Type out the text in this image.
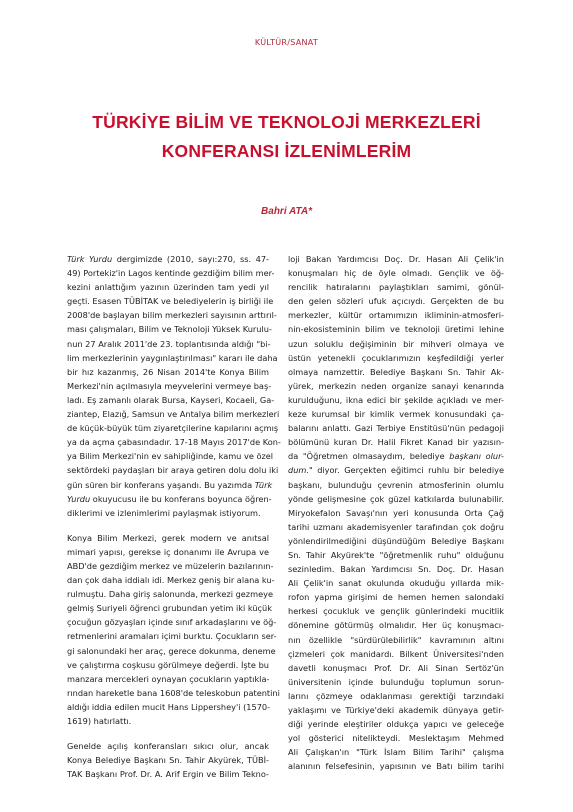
KÜLTÜR/SANAT
TÜRKİYE BİLİM VE TEKNOLOJİ MERKEZLERİ
KONFERANSI İZLENİMLERİM
Bahri ATA*

Türk Yurdu dergimizde (2010, sayı:270, ss. 47-
49) Portekiz'in Lagos kentinde gezdiğim bilim mer-
kezini anlattığım yazının üzerinden tam yedi yıl
geçti. Esasen TÜBİTAK ve belediyelerin iş birliği ile
2008'de başlayan bilim merkezleri sayısının arttırıl-
ması çalışmaları, Bilim ve Teknoloji Yüksek Kurulu-
nun 27 Aralık 2011'de 23. toplantısında aldığı "bi-
lim merkezlerinin yaygınlaştırılması" kararı ile daha
bir hız kazanmış, 26 Nisan 2014'te Konya Bilim
Merkezi'nin açılmasıyla meyvelerini vermeye baş-
ladı. Eş zamanlı olarak Bursa, Kayseri, Kocaeli, Ga-
ziantep, Elazığ, Samsun ve Antalya bilim merkezleri
de küçük-büyük tüm ziyaretçilerine kapılarını açmış
ya da açma çabasındadır. 17-18 Mayıs 2017'de Kon-
ya Bilim Merkezi'nin ev sahipliğinde, kamu ve özel
sektördeki paydaşları bir araya getiren dolu dolu iki
gün süren bir konferans yaşandı. Bu yazımda Türk
Yurdu okuyucusu ile bu konferans boyunca öğren-
diklerimi ve izlenimlerimi paylaşmak istiyorum.

Konya Bilim Merkezi, gerek modern ve anıtsal
mimari yapısı, gerekse iç donanımı ile Avrupa ve
ABD'de gezdiğim merkez ve müzelerin bazılarının-
dan çok daha iddialı idi. Merkez geniş bir alana ku-
rulmuştu. Daha giriş salonunda, merkezi gezmeye
gelmiş Suriyeli öğrenci grubundan yetim iki küçük
çocuğun gözyaşları içinde sınıf arkadaşlarını ve öğ-
retmenlerini aramaları içimi burktu. Çocukların ser-
gi salonundaki her araç, gerece dokunma, deneme
ve çalıştırma coşkusu görülmeye değerdi. İşte bu
manzara mercekleri oynayan çocukların yaptıkla-
rından hareketle bana 1608'de teleskobun patentini
aldığı iddia edilen mucit Hans Lippershey'i (1570-
1619) hatırlattı.

Genelde açılış konferansları sıkıcı olur, ancak
Konya Belediye Başkanı Sn. Tahir Akyürek, TÜBİ-
TAK Başkanı Prof. Dr. A. Arif Ergin ve Bilim Tekno-

loji Bakan Yardımcısı Doç. Dr. Hasan Ali Çelik'in
konuşmaları hiç de öyle olmadı. Gençlik ve öğ-
rencilik hatıralarını paylaştıkları samimi, gönül-
den gelen sözleri ufuk açıcıydı. Gerçekten de bu
merkezler, kültür ortamımızın ikliminin-atmosferi-
nin-ekosisteminin bilim ve teknoloji üretimi lehine
uzun soluklu değişiminin bir mihveri olmaya ve
üstün yetenekli çocuklarımızın keşfedildiği yerler
olmaya namzettir. Belediye Başkanı Sn. Tahir Ak-
yürek, merkezin neden organize sanayi kenarında
kurulduğunu, ikna edici bir şekilde açıkladı ve mer-
keze kurumsal bir kimlik vermek konusundaki ça-
balarını anlattı. Gazi Terbiye Enstitüsü'nün pedagoji
bölümünü kuran Dr. Halil Fikret Kanad bir yazısın-
da "Öğretmen olmasaydım, belediye başkanı olur-
dum." diyor. Gerçekten eğitimci ruhlu bir belediye
başkanı, bulunduğu çevrenin atmosferinin olumlu
yönde gelişmesine çok güzel katkılarda bulunabilir.
Miryokefalon Savaşı'nın yeri konusunda Orta Çağ
tarihi uzmanı akademisyenler tarafından çok doğru
yönlendirilmediğini düşündüğüm Belediye Başkanı
Sn. Tahir Akyürek'te "öğretmenlik ruhu" olduğunu
sezinledim. Bakan Yardımcısı Sn. Doç. Dr. Hasan
Ali Çelik'in sanat okulunda okuduğu yıllarda mik-
rofon yapma girişimi de hemen hemen salondaki
herkesi çocukluk ve gençlik günlerindeki mucitlik
dönemine götürmüş olmalıdır. Her üç konuşmacı-
nın özellikle "sürdürülebilirlik" kavramının altını
çizmeleri çok manidardı. Bilkent Üniversitesi'nden
davetli konuşmacı Prof. Dr. Ali Sinan Sertöz'ün
üniversitenin içinde bulunduğu toplumun sorun-
larını çözmeye odaklanması gerektiği tarzındaki
yaklaşımı ve Türkiye'deki akademik dünyaya getir-
diği yerinde eleştiriler oldukça yapıcı ve geleceğe
yol gösterici nitelikteydi. Meslektaşım Mehmed
Ali Çalışkan'ın "Türk İslam Bilim Tarihi" çalışma
alanının felsefesinin, yapısının ve Batı bilim tarihi
